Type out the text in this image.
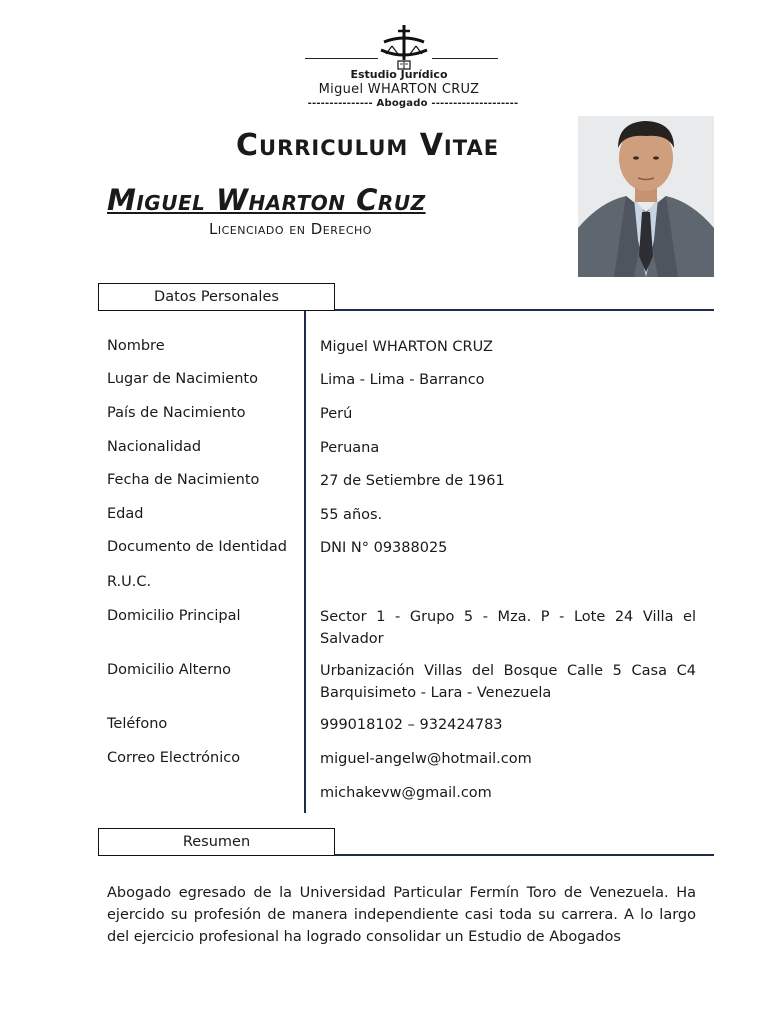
Estudio Jurídico
Miguel WHARTON CRUZ
--------------- Abogado --------------------
Curriculum Vitae
Miguel Wharton Cruz
Licenciado en Derecho
Datos Personales
Nombre	Miguel WHARTON CRUZ
Lugar de Nacimiento	Lima - Lima - Barranco
País de Nacimiento	Perú
Nacionalidad	Peruana
Fecha de Nacimiento	27 de Setiembre de 1961
Edad	55 años.
Documento de Identidad DNI N° 09388025
R.U.C.
Domicilio Principal	Sector 1 - Grupo 5 - Mza. P - Lote 24 Villa el Salvador
Domicilio Alterno	Urbanización Villas del Bosque Calle 5 Casa C4 Barquisimeto - Lara - Venezuela
Teléfono	999018102 – 932424783
Correo Electrónico	miguel-angelw@hotmail.com
michakevw@gmail.com
Resumen
Abogado egresado de la Universidad Particular Fermín Toro de Venezuela. Ha ejercido su profesión de manera independiente casi toda su carrera. A lo largo del ejercicio profesional ha logrado consolidar un Estudio de Abogados
